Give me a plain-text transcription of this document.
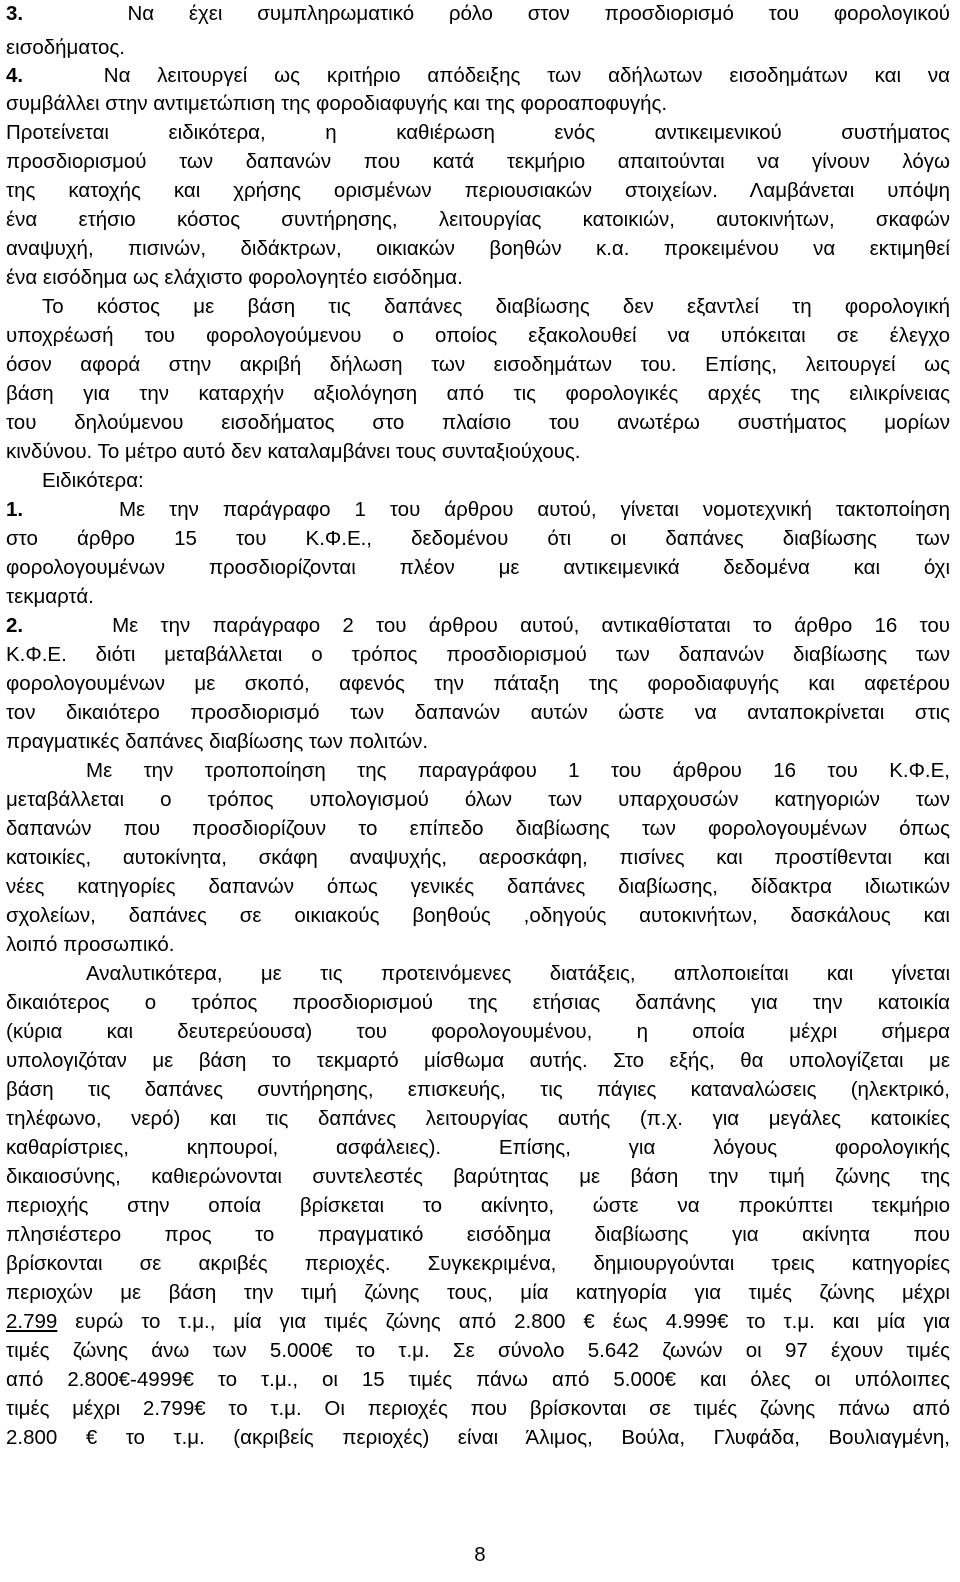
3.	Να έχει συμπληρωματικό ρόλο στον προσδιορισμό του φορολογικού
εισοδήματος.
4.	Να λειτουργεί ως κριτήριο απόδειξης των αδήλωτων εισοδημάτων και να
συμβάλλει στην αντιμετώπιση της φοροδιαφυγής και της φοροαποφυγής.
Προτείνεται ειδικότερα, η καθιέρωση ενός αντικειμενικού συστήματος
προσδιορισμού των δαπανών που κατά τεκμήριο απαιτούνται να γίνουν λόγω
της κατοχής και χρήσης ορισμένων περιουσιακών στοιχείων. Λαμβάνεται υπόψη
ένα ετήσιο κόστος συντήρησης, λειτουργίας κατοικιών, αυτοκινήτων, σκαφών
αναψυχή, πισινών, διδάκτρων, οικιακών βοηθών κ.α. προκειμένου να εκτιμηθεί
ένα εισόδημα ως ελάχιστο φορολογητέο εισόδημα.
Το κόστος με βάση τις δαπάνες διαβίωσης δεν εξαντλεί τη φορολογική
υποχρέωσή του φορολογούμενου ο οποίος εξακολουθεί να υπόκειται σε έλεγχο
όσον αφορά στην ακριβή δήλωση των εισοδημάτων του. Επίσης, λειτουργεί ως
βάση για την καταρχήν αξιολόγηση από τις φορολογικές αρχές της ειλικρίνειας
του δηλούμενου εισοδήματος στο πλαίσιο του ανωτέρω συστήματος μορίων
κινδύνου. Το μέτρο αυτό δεν καταλαμβάνει τους συνταξιούχους.
Ειδικότερα:
1.	Με την παράγραφο 1 του άρθρου αυτού, γίνεται νομοτεχνική τακτοποίηση
στο άρθρο 15 του Κ.Φ.Ε., δεδομένου ότι οι δαπάνες διαβίωσης των
φορολογουμένων προσδιορίζονται πλέον με αντικειμενικά δεδομένα και όχι
τεκμαρτά.
2.	Με την παράγραφο 2 του άρθρου αυτού, αντικαθίσταται το άρθρο 16 του
Κ.Φ.Ε. διότι μεταβάλλεται ο τρόπος προσδιορισμού των δαπανών διαβίωσης των
φορολογουμένων με σκοπό, αφενός την πάταξη της φοροδιαφυγής και αφετέρου
τον δικαιότερο προσδιορισμό των δαπανών αυτών ώστε να ανταποκρίνεται στις
πραγματικές δαπάνες διαβίωσης των πολιτών.
Με την τροποποίηση της παραγράφου 1 του άρθρου 16 του Κ.Φ.Ε,
μεταβάλλεται ο τρόπος υπολογισμού όλων των υπαρχουσών κατηγοριών των
δαπανών που προσδιορίζουν το επίπεδο διαβίωσης των φορολογουμένων όπως
κατοικίες, αυτοκίνητα, σκάφη αναψυχής, αεροσκάφη, πισίνες και προστίθενται και
νέες κατηγορίες δαπανών όπως γενικές δαπάνες διαβίωσης, δίδακτρα ιδιωτικών
σχολείων, δαπάνες σε οικιακούς βοηθούς ,οδηγούς αυτοκινήτων, δασκάλους και
λοιπό προσωπικό.
Αναλυτικότερα, με τις προτεινόμενες διατάξεις, απλοποιείται και γίνεται
δικαιότερος ο τρόπος προσδιορισμού της ετήσιας δαπάνης για την κατοικία
(κύρια και δευτερεύουσα) του φορολογουμένου, η οποία μέχρι σήμερα
υπολογιζόταν με βάση το τεκμαρτό μίσθωμα αυτής. Στο εξής, θα υπολογίζεται με
βάση τις δαπάνες συντήρησης, επισκευής, τις πάγιες καταναλώσεις (ηλεκτρικό,
τηλέφωνο, νερό) και τις δαπάνες λειτουργίας αυτής (π.χ. για μεγάλες κατοικίες
καθαρίστριες, κηπουροί, ασφάλειες). Επίσης, για λόγους φορολογικής
δικαιοσύνης, καθιερώνονται συντελεστές βαρύτητας με βάση την τιμή ζώνης της
περιοχής στην οποία βρίσκεται το ακίνητο, ώστε να προκύπτει τεκμήριο
πλησιέστερο προς το πραγματικό εισόδημα διαβίωσης για ακίνητα που
βρίσκονται σε ακριβές περιοχές. Συγκεκριμένα, δημιουργούνται τρεις κατηγορίες
περιοχών με βάση την τιμή ζώνης τους, μία κατηγορία για τιμές ζώνης μέχρι
2.799 ευρώ το τ.μ., μία για τιμές ζώνης από 2.800 € έως 4.999€ το τ.μ. και μία για
τιμές ζώνης άνω των 5.000€ το τ.μ. Σε σύνολο 5.642 ζωνών οι 97 έχουν τιμές
από 2.800€-4999€ το τ.μ., οι 15 τιμές πάνω από 5.000€ και όλες οι υπόλοιπες
τιμές μέχρι 2.799€ το τ.μ. Οι περιοχές που βρίσκονται σε τιμές ζώνης πάνω από
2.800 € το τ.μ. (ακριβείς περιοχές) είναι Άλιμος, Βούλα, Γλυφάδα, Βουλιαγμένη,
8
